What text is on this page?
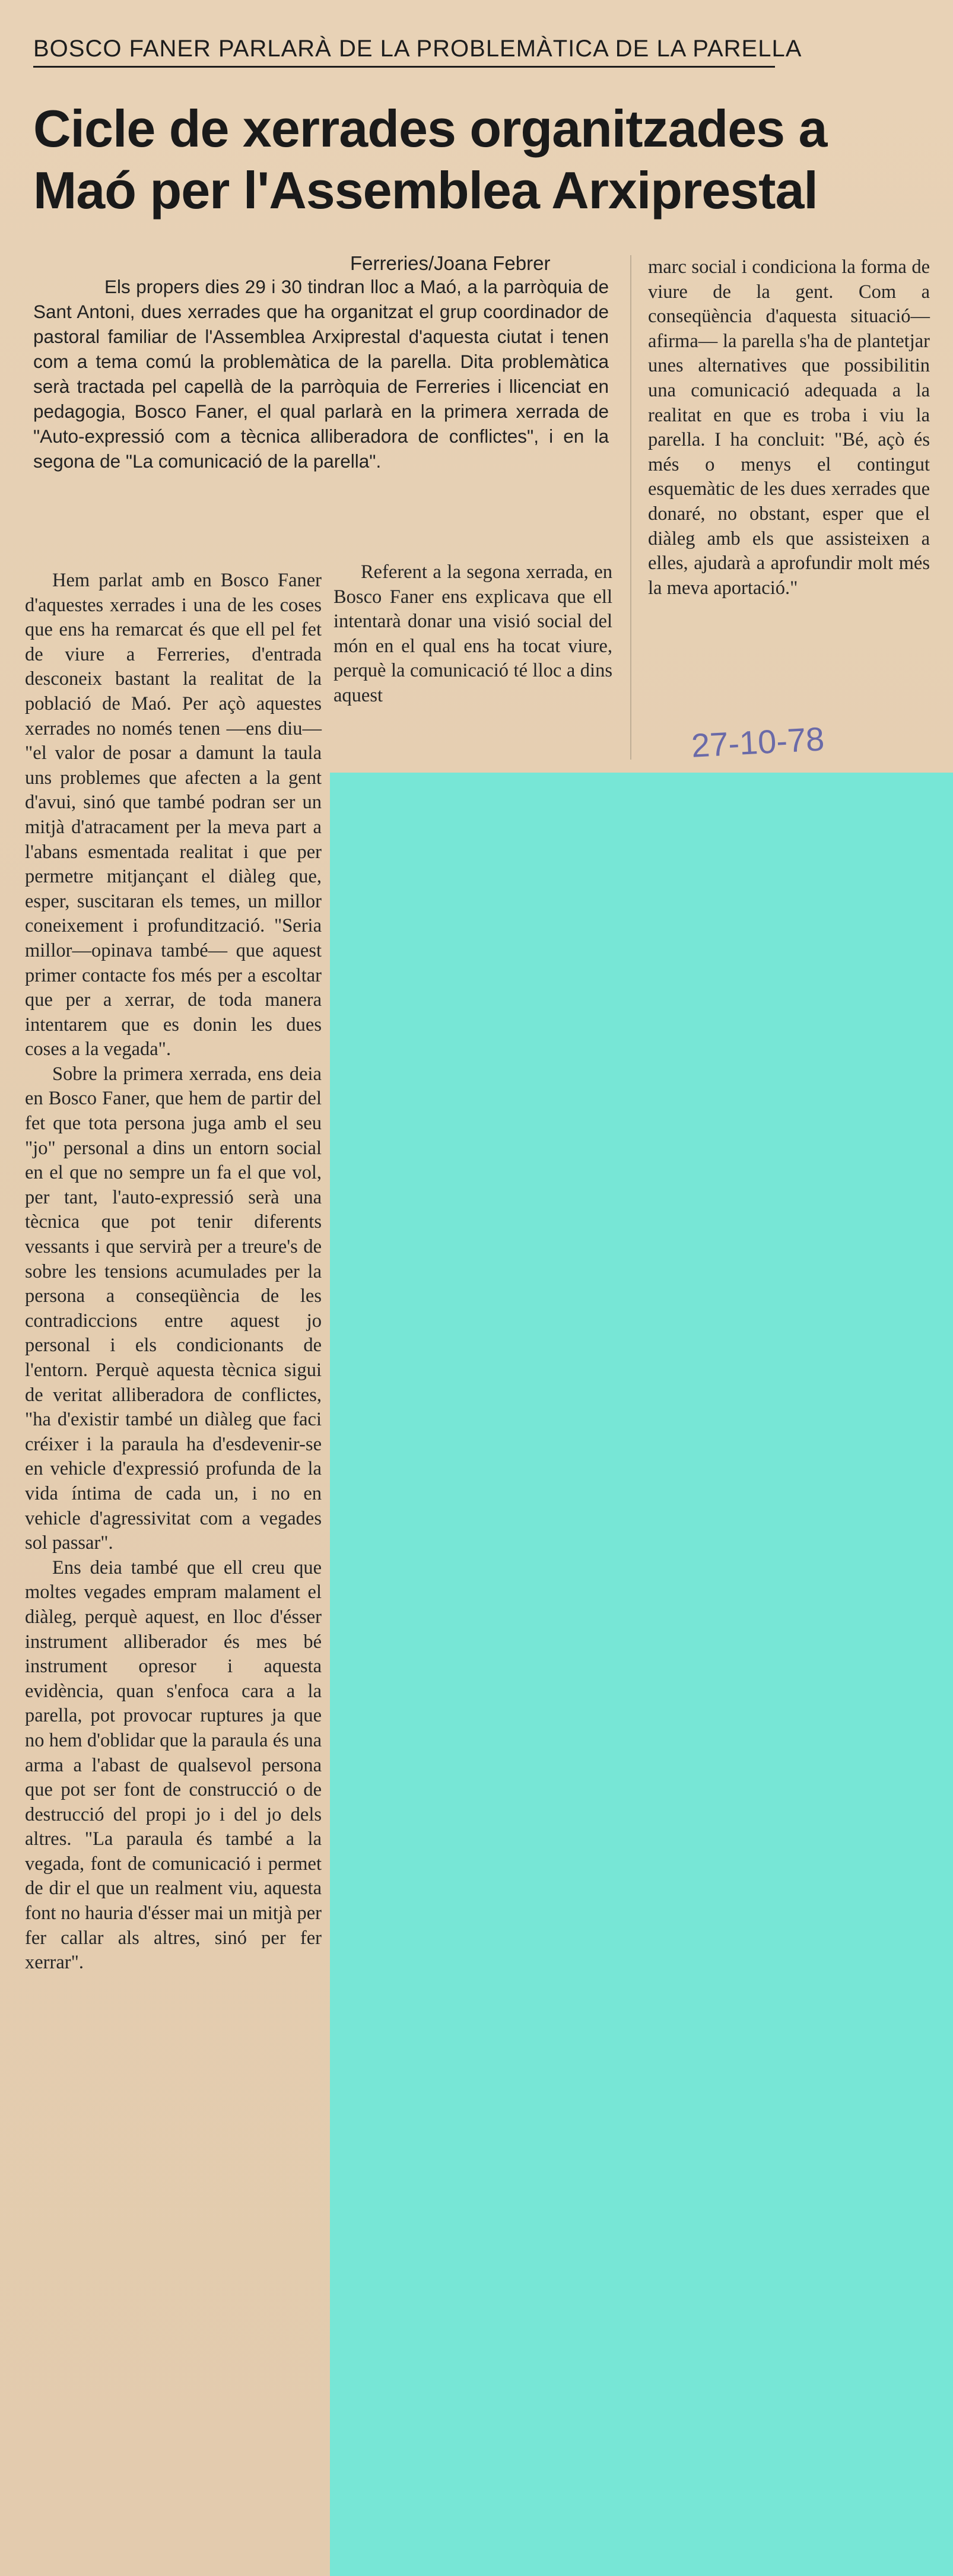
BOSCO FANER PARLARÀ DE LA PROBLEMÀTICA DE LA PARELLA
Cicle de xerrades organitzades a Maó per l'Assemblea Arxiprestal
Ferreries/Joana Febrer

Els propers dies 29 i 30 tindran lloc a Maó, a la parròquia de Sant Antoni, dues xerrades que ha organitzat el grup coordinador de pastoral familiar de l'Assemblea Arxiprestal d'aquesta ciutat i tenen com a tema comú la problemàtica de la parella. Dita problemàtica serà tractada pel capellà de la parròquia de Ferreries i llicenciat en pedagogia, Bosco Faner, el qual parlarà en la primera xerrada de "Auto-expressió com a tècnica alliberadora de conflictes", i en la segona de "La comunicació de la parella".

Hem parlat amb en Bosco Faner d'aquestes xerrades i una de les coses que ens ha remarcat és que ell pel fet de viure a Ferreries, d'entrada desconeix bastant la realitat de la població de Maó. Per açò aquestes xerrades no només tenen —ens diu— "el valor de posar a damunt la taula uns problemes que afecten a la gent d'avui, sinó que també podran ser un mitjà d'atracament per la meva part a l'abans esmentada realitat i que per permetre mitjançant el diàleg que, esper, suscitaran els temes, un millor coneixement i profundització. "Seria millor—opinava també— que aquest primer contacte fos més per a escoltar que per a xerrar, de toda manera intentarem que es donin les dues coses a la vegada".

Sobre la primera xerrada, ens deia en Bosco Faner, que hem de partir del fet que tota persona juga amb el seu "jo" personal a dins un entorn social en el que no sempre un fa el que vol, per tant, l'auto-expressió serà una tècnica que pot tenir diferents vessants i que servirà per a treure's de sobre les tensions acumulades per la persona a conseqüència de les contradiccions entre aquest jo personal i els condicionants de l'entorn. Perquè aquesta tècnica sigui de veritat alliberadora de conflictes, "ha d'existir també un diàleg que faci créixer i la paraula ha d'esdevenir-se en vehicle d'expressió profunda de la vida íntima de cada un, i no en vehicle d'agressivitat com a vegades sol passar".

Ens deia també que ell creu que moltes vegades empram malament el diàleg, perquè aquest, en lloc d'ésser instrument alliberador és mes bé instrument opresor i aquesta evidència, quan s'enfoca cara a la parella, pot provocar ruptures ja que no hem d'oblidar que la paraula és una arma a l'abast de qualsevol persona que pot ser font de construcció o de destrucció del propi jo i del jo dels altres. "La paraula és també a la vegada, font de comunicació i permet de dir el que un realment viu, aquesta font no hauria d'ésser mai un mitjà per fer callar als altres, sinó per fer xerrar".

Referent a la segona xerrada, en Bosco Faner ens explicava que ell intentarà donar una visió social del món en el qual ens ha tocat viure, perquè la comunicació té lloc a dins aquest

marc social i condiciona la forma de viure de la gent. Com a conseqüència d'aquesta situació—afirma— la parella s'ha de plantetjar unes alternatives que possibilitin una comunicació adequada a la realitat en que es troba i viu la parella. I ha concluit: "Bé, açò és més o menys el contingut esquemàtic de les dues xerrades que donaré, no obstant, esper que el diàleg amb els que assisteixen a elles, ajudarà a aprofundir molt més la meva aportació."

27-10-78
